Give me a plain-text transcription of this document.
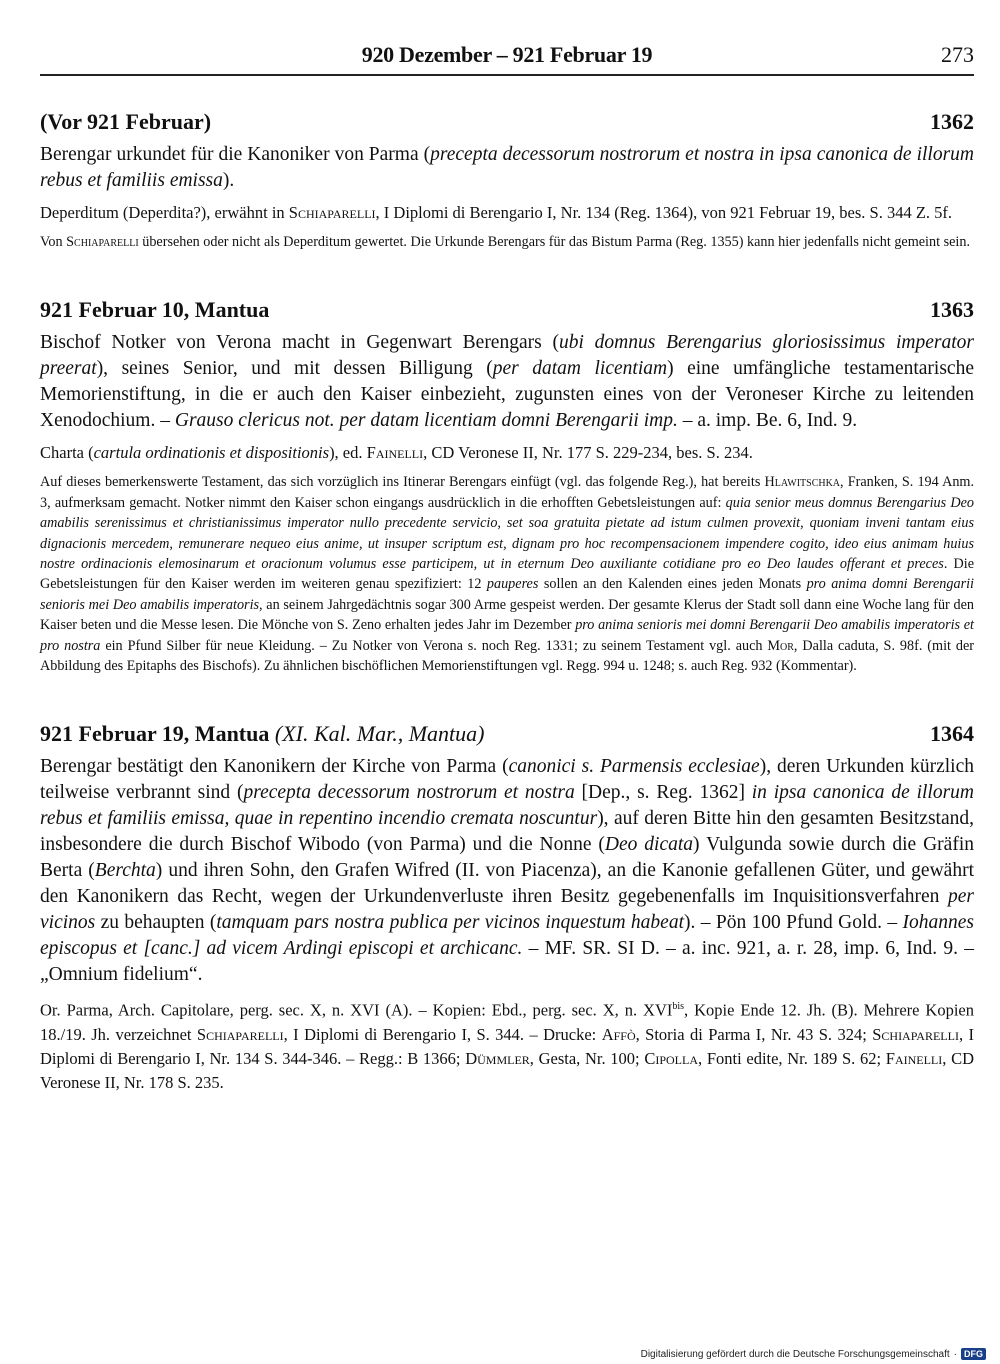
920 Dezember – 921 Februar 19	273
(Vor 921 Februar)	1362

Berengar urkundet für die Kanoniker von Parma (precepta decessorum nostrorum et nostra in ipsa canonica de illorum rebus et familiis emissa).

Deperditum (Deperdita?), erwähnt in Schiaparelli, I Diplomi di Berengario I, Nr. 134 (Reg. 1364), von 921 Februar 19, bes. S. 344 Z. 5f.

Von Schiaparelli übersehen oder nicht als Deperditum gewertet. Die Urkunde Berengars für das Bistum Parma (Reg. 1355) kann hier jedenfalls nicht gemeint sein.

921 Februar 10, Mantua	1363

Bischof Notker von Verona macht in Gegenwart Berengars (ubi domnus Berengarius gloriosissimus imperator preerat), seines Senior, und mit dessen Billigung (per datam licentiam) eine umfängliche testamentarische Memorienstiftung, in die er auch den Kaiser einbezieht, zugunsten eines von der Veroneser Kirche zu leitenden Xenodochium. – Grauso clericus not. per datam licentiam domni Berengarii imp. – a. imp. Be. 6, Ind. 9.

Charta (cartula ordinationis et dispositionis), ed. Fainelli, CD Veronese II, Nr. 177 S. 229-234, bes. S. 234.

Auf dieses bemerkenswerte Testament, das sich vorzüglich ins Itinerar Berengars einfügt (vgl. das folgende Reg.), hat bereits Hlawitschka, Franken, S. 194 Anm. 3, aufmerksam gemacht. Notker nimmt den Kaiser schon eingangs ausdrücklich in die erhofften Gebetsleistungen auf: quia senior meus domnus Berengarius Deo amabilis serenissimus et christianissimus imperator nullo precedente servicio, set soa gratuita pietate ad istum culmen provexit, quoniam inveni tantam eius dignacionis mercedem, remunerare nequeo eius anime, ut insuper scriptum est, dignam pro hoc recompensacionem impendere cogito, ideo eius animam huius nostre ordinacionis elemosinarum et oracionum volumus esse participem, ut in eternum Deo auxiliante cotidiane pro eo Deo laudes offerant et preces. Die Gebetsleistungen für den Kaiser werden im weiteren genau spezifiziert: 12 pauperes sollen an den Kalenden eines jeden Monats pro anima domni Berengarii senioris mei Deo amabilis imperatoris, an seinem Jahrgedächtnis sogar 300 Arme gespeist werden. Der gesamte Klerus der Stadt soll dann eine Woche lang für den Kaiser beten und die Messe lesen. Die Mönche von S. Zeno erhalten jedes Jahr im Dezember pro anima senioris mei domni Berengarii Deo amabilis imperatoris et pro nostra ein Pfund Silber für neue Kleidung. – Zu Notker von Verona s. noch Reg. 1331; zu seinem Testament vgl. auch Mor, Dalla caduta, S. 98f. (mit der Abbildung des Epitaphs des Bischofs). Zu ähnlichen bischöflichen Memorienstiftungen vgl. Regg. 994 u. 1248; s. auch Reg. 932 (Kommentar).

921 Februar 19, Mantua (XI. Kal. Mar., Mantua)	1364

Berengar bestätigt den Kanonikern der Kirche von Parma (canonici s. Parmensis ecclesiae), deren Urkunden kürzlich teilweise verbrannt sind (precepta decessorum nostrorum et nostra [Dep., s. Reg. 1362] in ipsa canonica de illorum rebus et familiis emissa, quae in repentino incendio cremata noscuntur), auf deren Bitte hin den gesamten Besitzstand, insbesondere die durch Bischof Wibodo (von Parma) und die Nonne (Deo dicata) Vulgunda sowie durch die Gräfin Berta (Berchta) und ihren Sohn, den Grafen Wifred (II. von Piacenza), an die Kanonie gefallenen Güter, und gewährt den Kanonikern das Recht, wegen der Urkundenverluste ihren Besitz gegebenenfalls im Inquisitionsverfahren per vicinos zu behaupten (tamquam pars nostra publica per vicinos inquestum habeat). – Pön 100 Pfund Gold. – Iohannes episcopus et [canc.] ad vicem Ardingi episcopi et archicanc. – MF. SR. SI D. – a. inc. 921, a. r. 28, imp. 6, Ind. 9. – „Omnium fidelium“.

Or. Parma, Arch. Capitolare, perg. sec. X, n. XVI (A). – Kopien: Ebd., perg. sec. X, n. $XVI^{bis}$, Kopie Ende 12. Jh. (B). Mehrere Kopien 18./19. Jh. verzeichnet Schiaparelli, I Diplomi di Berengario I, S. 344. – Drucke: Affò, Storia di Parma I, Nr. 43 S. 324; Schiaparelli, I Diplomi di Berengario I, Nr. 134 S. 344-346. – Regg.: B 1366; Dümmler, Gesta, Nr. 100; Cipolla, Fonti edite, Nr. 189 S. 62; Fainelli, CD Veronese II, Nr. 178 S. 235.

Digitalisierung gefördert durch die Deutsche Forschungsgemeinschaft · DFG
